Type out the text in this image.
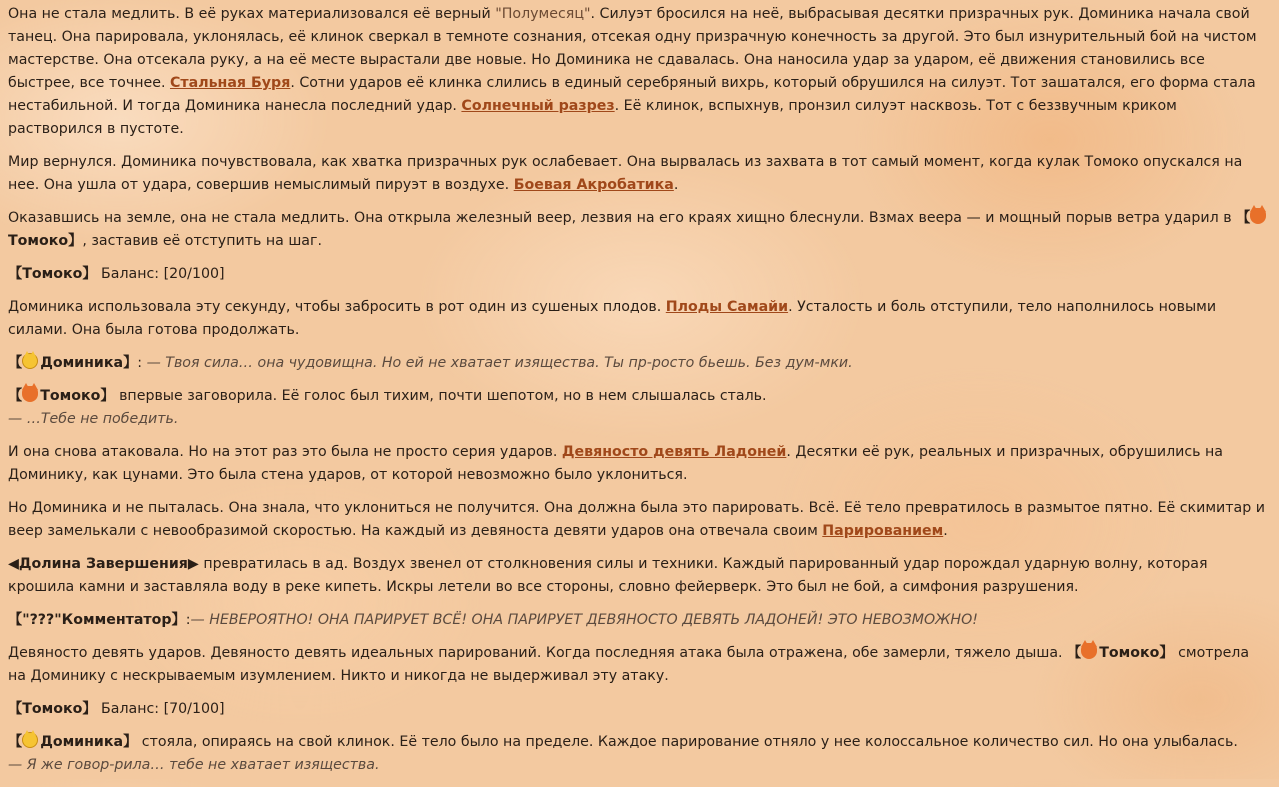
Она не стала медлить. В её руках материализовался её верный "Полумесяц". Силуэт бросился на неё, выбрасывая десятки призрачных рук. Доминика начала свой танец. Она парировала, уклонялась, её клинок сверкал в темноте сознания, отсекая одну призрачную конечность за другой. Это был изнурительный бой на чистом мастерстве. Она отсекала руку, а на её месте вырастали две новые. Но Доминика не сдавалась. Она наносила удар за ударом, её движения становились все быстрее, все точнее. Стальная Буря. Сотни ударов её клинка слились в единый серебряный вихрь, который обрушился на силуэт. Тот зашатался, его форма стала нестабильной. И тогда Доминика нанесла последний удар. Солнечный разрез. Её клинок, вспыхнув, пронзил силуэт насквозь. Тот с беззвучным криком растворился в пустоте.

Мир вернулся. Доминика почувствовала, как хватка призрачных рук ослабевает. Она вырвалась из захвата в тот самый момент, когда кулак Томоко опускался на нее. Она ушла от удара, совершив немыслимый пируэт в воздухе. Боевая Акробатика.

Оказавшись на земле, она не стала медлить. Она открыла железный веер, лезвия на его краях хищно блеснули. Взмах веера — и мощный порыв ветра ударил в 【Томоко】, заставив её отступить на шаг.

【Томоко】 Баланс: [20/100]

Доминика использовала эту секунду, чтобы забросить в рот один из сушеных плодов. Плоды Самайи. Усталость и боль отступили, тело наполнилось новыми силами. Она была готова продолжать.

【 Доминика】: — Твоя сила… она чудовищна. Но ей не хватает изящества. Ты пр-росто бьешь. Без дум-мки.

【 Томоко】 впервые заговорила. Её голос был тихим, почти шепотом, но в нем слышалась сталь.
— …Тебе не победить.

И она снова атаковала. Но на этот раз это была не просто серия ударов. Девяносто девять Ладоней. Десятки её рук, реальных и призрачных, обрушились на Доминику, как цунами. Это была стена ударов, от которой невозможно было уклониться.

Но Доминика и не пыталась. Она знала, что уклониться не получится. Она должна была это парировать. Всё. Её тело превратилось в размытое пятно. Её скимитар и веер замелькали с невообразимой скоростью. На каждый из девяноста девяти ударов она отвечала своим Парированием.

◀Долина Завершения▶ превратилась в ад. Воздух звенел от столкновения силы и техники. Каждый парированный удар порождал ударную волну, которая крошила камни и заставляла воду в реке кипеть. Искры летели во все стороны, словно фейерверк. Это был не бой, а симфония разрушения.

【"???"Комментатор】:— НЕВЕРОЯТНО! ОНА ПАРИРУЕТ ВСЁ! ОНА ПАРИРУЕТ ДЕВЯНОСТО ДЕВЯТЬ ЛАДОНЕЙ! ЭТО НЕВОЗМОЖНО!

Девяносто девять ударов. Девяносто девять идеальных парирований. Когда последняя атака была отражена, обе замерли, тяжело дыша. 【 Томоко】 смотрела на Доминику с нескрываемым изумлением. Никто и никогда не выдерживал эту атаку.

【Томоко】 Баланс: [70/100]

【 Доминика】 стояла, опираясь на свой клинок. Её тело было на пределе. Каждое парирование отняло у нее колоссальное количество сил. Но она улыбалась.
— Я же говор-рила… тебе не хватает изящества.
